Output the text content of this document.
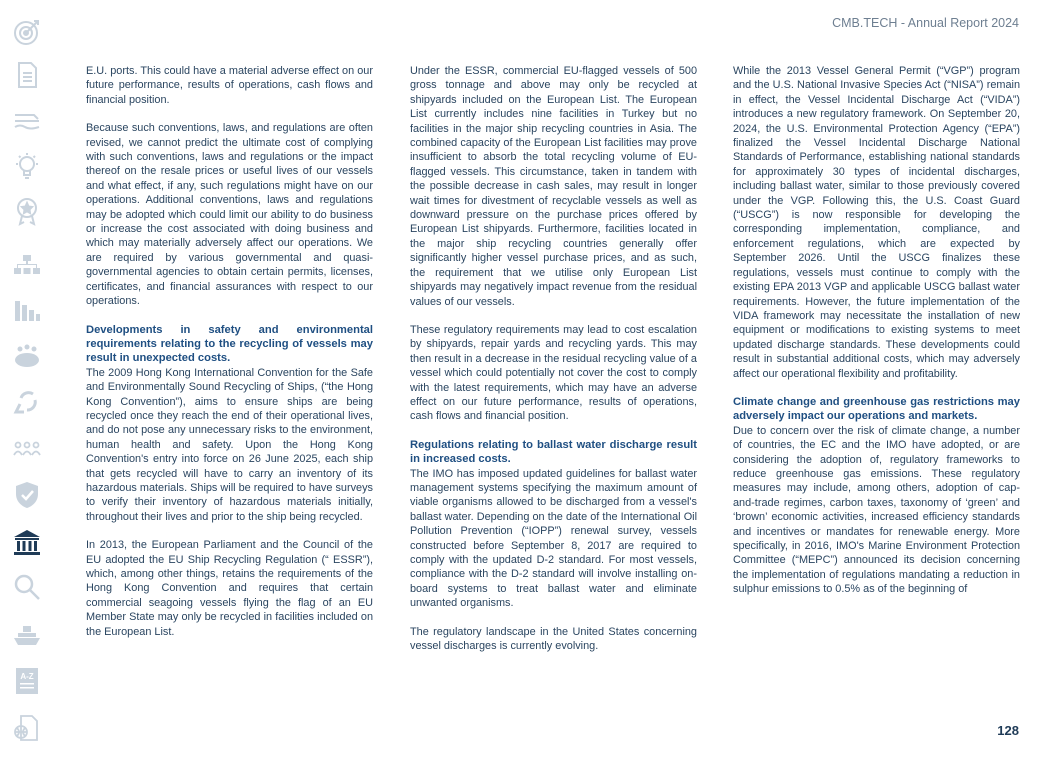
A-Z
CMB.TECH - Annual Report 2024

E.U. ports. This could have a material adverse effect on our future performance, results of operations, cash flows and financial position.

Because such conventions, laws, and regulations are often revised, we cannot predict the ultimate cost of complying with such conventions, laws and regulations or the impact thereof on the resale prices or useful lives of our vessels and what effect, if any, such regulations might have on our operations. Additional conventions, laws and regulations may be adopted which could limit our ability to do business or increase the cost associated with doing business and which may materially adversely affect our operations. We are required by various governmental and quasi-governmental agencies to obtain certain permits, licenses, certificates, and financial assurances with respect to our operations.

Developments in safety and environmental requirements relating to the recycling of vessels may result in unexpected costs.

The 2009 Hong Kong International Convention for the Safe and Environmentally Sound Recycling of Ships, (“the Hong Kong Convention”), aims to ensure ships are being recycled once they reach the end of their operational lives, and do not pose any unnecessary risks to the environment, human health and safety. Upon the Hong Kong Convention's entry into force on 26 June 2025, each ship that gets recycled will have to carry an inventory of its hazardous materials. Ships will be required to have surveys to verify their inventory of hazardous materials initially, throughout their lives and prior to the ship being recycled.

In 2013, the European Parliament and the Council of the EU adopted the EU Ship Recycling Regulation (“ ESSR”), which, among other things, retains the requirements of the Hong Kong Convention and requires that certain commercial seagoing vessels flying the flag of an EU Member State may only be recycled in facilities included on the European List.

Under the ESSR, commercial EU-flagged vessels of 500 gross tonnage and above may only be recycled at shipyards included on the European List. The European List currently includes nine facilities in Turkey but no facilities in the major ship recycling countries in Asia. The combined capacity of the European List facilities may prove insufficient to absorb the total recycling volume of EU-flagged vessels. This circumstance, taken in tandem with the possible decrease in cash sales, may result in longer wait times for divestment of recyclable vessels as well as downward pressure on the purchase prices offered by European List shipyards. Furthermore, facilities located in the major ship recycling countries generally offer significantly higher vessel purchase prices, and as such, the requirement that we utilise only European List shipyards may negatively impact revenue from the residual values of our vessels.

These regulatory requirements may lead to cost escalation by shipyards, repair yards and recycling yards. This may then result in a decrease in the residual recycling value of a vessel which could potentially not cover the cost to comply with the latest requirements, which may have an adverse effect on our future performance, results of operations, cash flows and financial position.

Regulations relating to ballast water discharge result in increased costs.

The IMO has imposed updated guidelines for ballast water management systems specifying the maximum amount of viable organisms allowed to be discharged from a vessel's ballast water. Depending on the date of the International Oil Pollution Prevention (“IOPP”) renewal survey, vessels constructed before September 8, 2017 are required to comply with the updated D-2 standard. For most vessels, compliance with the D-2 standard will involve installing on-board systems to treat ballast water and eliminate unwanted organisms.

The regulatory landscape in the United States concerning vessel discharges is currently evolving.

While the 2013 Vessel General Permit (“VGP”) program and the U.S. National Invasive Species Act (“NISA”) remain in effect, the Vessel Incidental Discharge Act (“VIDA”) introduces a new regulatory framework. On September 20, 2024, the U.S. Environmental Protection Agency (“EPA”) finalized the Vessel Incidental Discharge National Standards of Performance, establishing national standards for approximately 30 types of incidental discharges, including ballast water, similar to those previously covered under the VGP. Following this, the U.S. Coast Guard (“USCG”) is now responsible for developing the corresponding implementation, compliance, and enforcement regulations, which are expected by September 2026. Until the USCG finalizes these regulations, vessels must continue to comply with the existing EPA 2013 VGP and applicable USCG ballast water requirements. However, the future implementation of the VIDA framework may necessitate the installation of new equipment or modifications to existing systems to meet updated discharge standards. These developments could result in substantial additional costs, which may adversely affect our operational flexibility and profitability.

Climate change and greenhouse gas restrictions may adversely impact our operations and markets.

Due to concern over the risk of climate change, a number of countries, the EC and the IMO have adopted, or are considering the adoption of, regulatory frameworks to reduce greenhouse gas emissions. These regulatory measures may include, among others, adoption of cap-and-trade regimes, carbon taxes, taxonomy of ‘green’ and ‘brown’ economic activities, increased efficiency standards and incentives or mandates for renewable energy. More specifically, in 2016, IMO's Marine Environment Protection Committee (“MEPC”) announced its decision concerning the implementation of regulations mandating a reduction in sulphur emissions to 0.5% as of the beginning of

128
